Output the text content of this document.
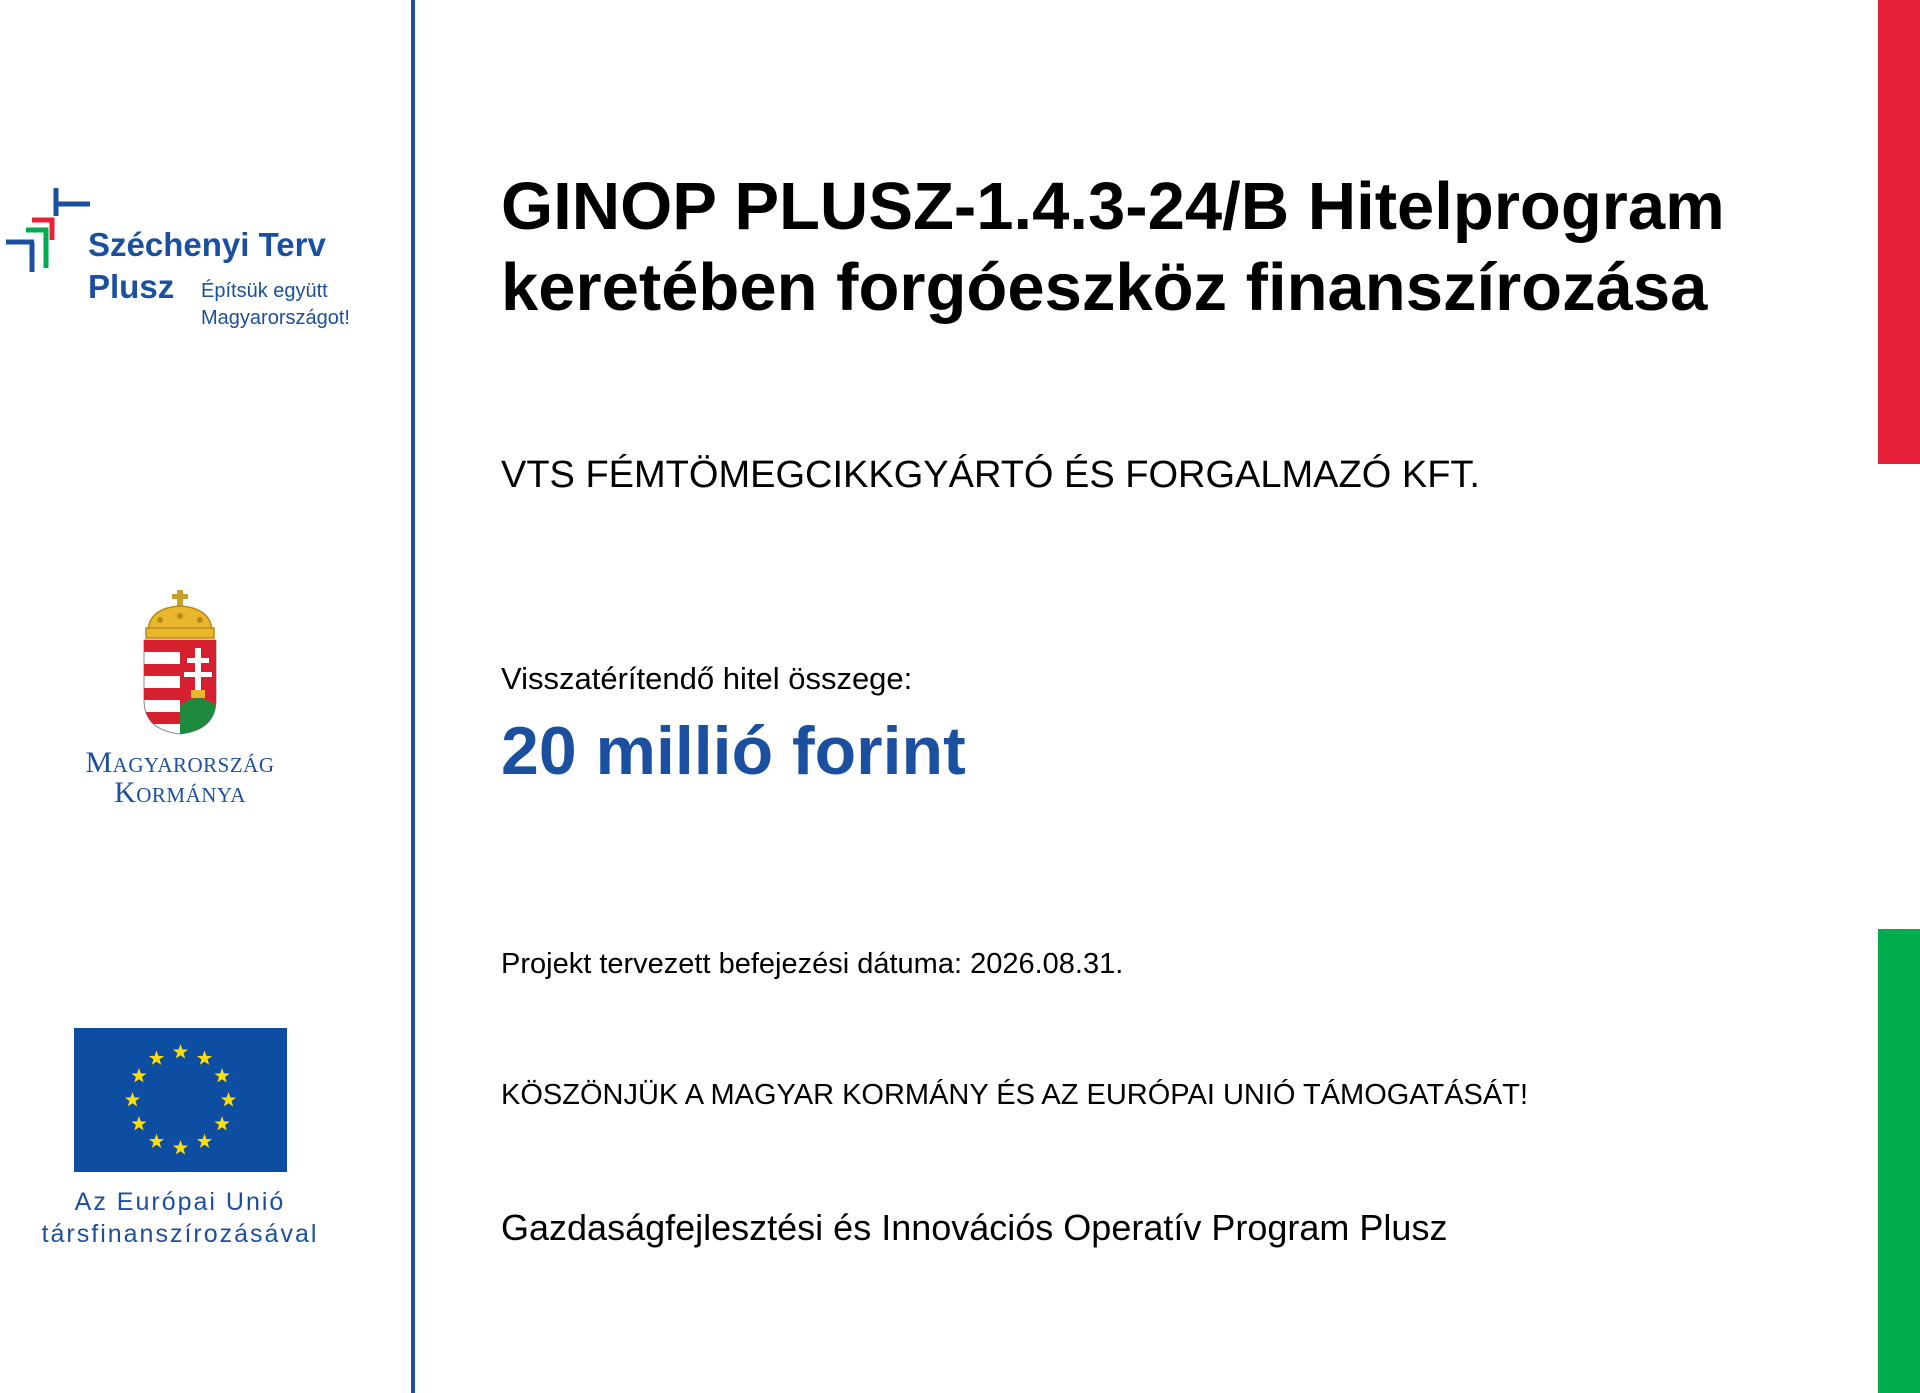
Széchenyi Terv
Plusz Építsük együtt
Magyarországot!
Magyarország
Kormánya
Az Európai Unió
társfinanszírozásával
GINOP PLUSZ-1.4.3-24/B Hitelprogram
keretében forgóeszköz finanszírozása
VTS FÉMTÖMEGCIKKGYÁRTÓ ÉS FORGALMAZÓ KFT.
Visszatérítendő hitel összege:
20 millió forint
Projekt tervezett befejezési dátuma: 2026.08.31.
KÖSZÖNJÜK A MAGYAR KORMÁNY ÉS AZ EURÓPAI UNIÓ TÁMOGATÁSÁT!
Gazdaságfejlesztési és Innovációs Operatív Program Plusz
